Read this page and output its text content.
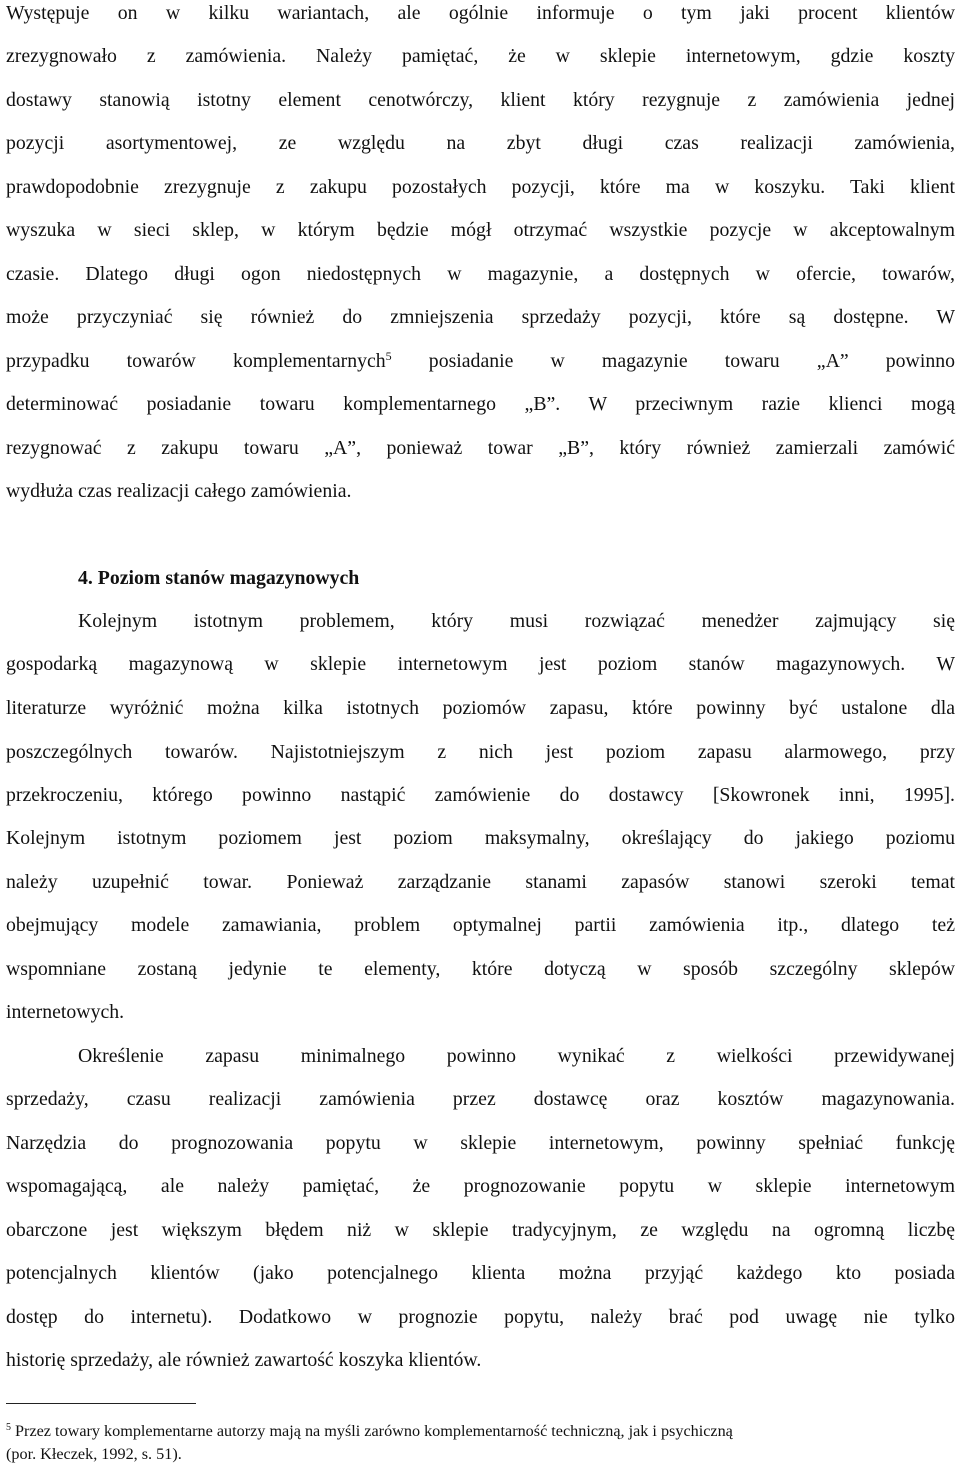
Występuje on w kilku wariantach, ale ogólnie informuje o tym jaki procent klientów
zrezygnowało z zamówienia. Należy pamiętać, że w sklepie internetowym, gdzie koszty
dostawy stanowią istotny element cenotwórczy, klient który rezygnuje z zamówienia jednej
pozycji asortymentowej, ze względu na zbyt długi czas realizacji zamówienia,
prawdopodobnie zrezygnuje z zakupu pozostałych pozycji, które ma w koszyku. Taki klient
wyszuka w sieci sklep, w którym będzie mógł otrzymać wszystkie pozycje w akceptowalnym
czasie. Dlatego długi ogon niedostępnych w magazynie, a dostępnych w ofercie, towarów,
może przyczyniać się również do zmniejszenia sprzedaży pozycji, które są dostępne. W
przypadku towarów komplementarnych$^5$ posiadanie w magazynie towaru „A” powinno
determinować posiadanie towaru komplementarnego „B”. W przeciwnym razie klienci mogą
rezygnować z zakupu towaru „A”, ponieważ towar „B”, który również zamierzali zamówić
wydłuża czas realizacji całego zamówienia.
4. Poziom stanów magazynowych
Kolejnym istotnym problemem, który musi rozwiązać menedżer zajmujący się
gospodarką magazynową w sklepie internetowym jest poziom stanów magazynowych. W
literaturze wyróżnić można kilka istotnych poziomów zapasu, które powinny być ustalone dla
poszczególnych towarów. Najistotniejszym z nich jest poziom zapasu alarmowego, przy
przekroczeniu, którego powinno nastąpić zamówienie do dostawcy [Skowronek inni, 1995].
Kolejnym istotnym poziomem jest poziom maksymalny, określający do jakiego poziomu
należy uzupełnić towar. Ponieważ zarządzanie stanami zapasów stanowi szeroki temat
obejmujący modele zamawiania, problem optymalnej partii zamówienia itp., dlatego też
wspomniane zostaną jedynie te elementy, które dotyczą w sposób szczególny sklepów
internetowych.
Określenie zapasu minimalnego powinno wynikać z wielkości przewidywanej
sprzedaży, czasu realizacji zamówienia przez dostawcę oraz kosztów magazynowania.
Narzędzia do prognozowania popytu w sklepie internetowym, powinny spełniać funkcję
wspomagającą, ale należy pamiętać, że prognozowanie popytu w sklepie internetowym
obarczone jest większym błędem niż w sklepie tradycyjnym, ze względu na ogromną liczbę
potencjalnych klientów (jako potencjalnego klienta można przyjąć każdego kto posiada
dostęp do internetu). Dodatkowo w prognozie popytu, należy brać pod uwagę nie tylko
historię sprzedaży, ale również zawartość koszyka klientów.
$^5$ Przez towary komplementarne autorzy mają na myśli zarówno komplementarność techniczną, jak i psychiczną
(por. Kłeczek, 1992, s. 51).
